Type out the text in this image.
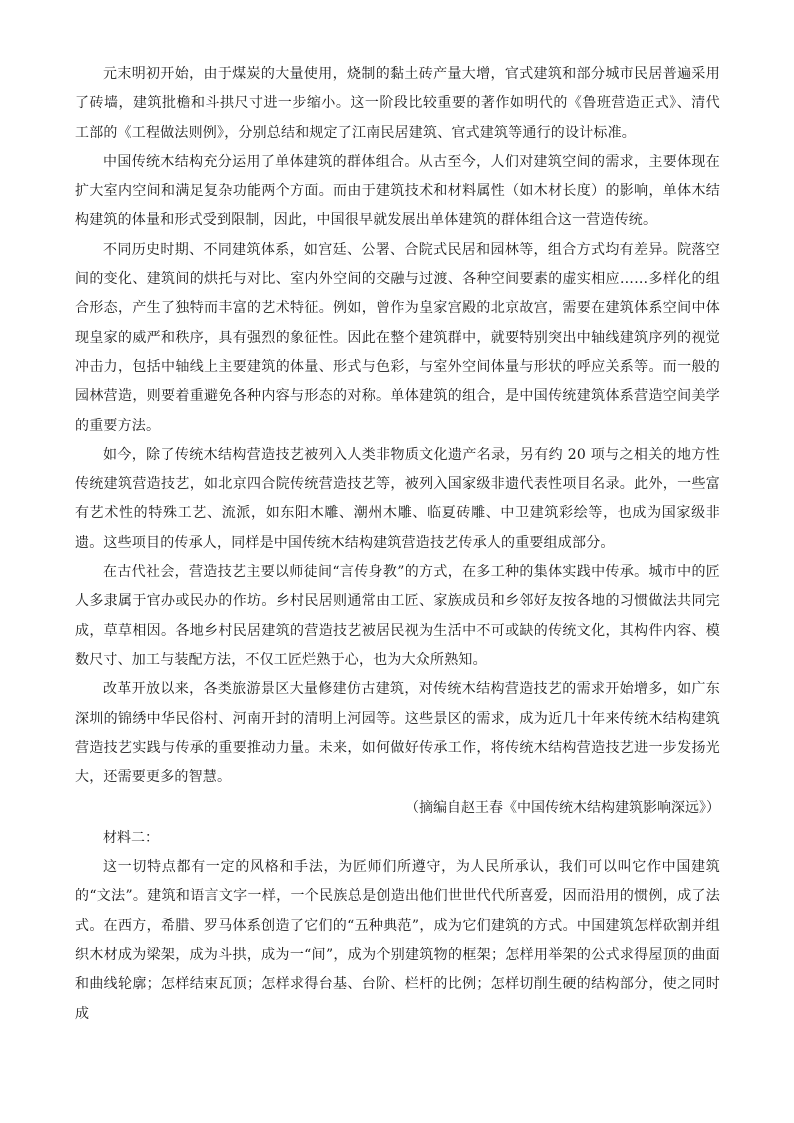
元末明初开始，由于煤炭的大量使用，烧制的黏土砖产量大增，官式建筑和部分城市民居普遍采用了砖墙，建筑批檐和斗拱尺寸进一步缩小。这一阶段比较重要的著作如明代的《鲁班营造正式》、清代工部的《工程做法则例》，分别总结和规定了江南民居建筑、官式建筑等通行的设计标准。

中国传统木结构充分运用了单体建筑的群体组合。从古至今，人们对建筑空间的需求，主要体现在扩大室内空间和满足复杂功能两个方面。而由于建筑技术和材料属性（如木材长度）的影响，单体木结构建筑的体量和形式受到限制，因此，中国很早就发展出单体建筑的群体组合这一营造传统。

不同历史时期、不同建筑体系，如宫廷、公署、合院式民居和园林等，组合方式均有差异。院落空间的变化、建筑间的烘托与对比、室内外空间的交融与过渡、各种空间要素的虚实相应……多样化的组合形态，产生了独特而丰富的艺术特征。例如，曾作为皇家宫殿的北京故宫，需要在建筑体系空间中体现皇家的威严和秩序，具有强烈的象征性。因此在整个建筑群中，就要特别突出中轴线建筑序列的视觉冲击力，包括中轴线上主要建筑的体量、形式与色彩，与室外空间体量与形状的呼应关系等。而一般的园林营造，则要着重避免各种内容与形态的对称。单体建筑的组合，是中国传统建筑体系营造空间美学的重要方法。

如今，除了传统木结构营造技艺被列入人类非物质文化遗产名录，另有约 20 项与之相关的地方性传统建筑营造技艺，如北京四合院传统营造技艺等，被列入国家级非遗代表性项目名录。此外，一些富有艺术性的特殊工艺、流派，如东阳木雕、潮州木雕、临夏砖雕、中卫建筑彩绘等，也成为国家级非遗。这些项目的传承人，同样是中国传统木结构建筑营造技艺传承人的重要组成部分。

在古代社会，营造技艺主要以师徒间“言传身教”的方式，在多工种的集体实践中传承。城市中的匠人多隶属于官办或民办的作坊。乡村民居则通常由工匠、家族成员和乡邻好友按各地的习惯做法共同完成，草草相因。各地乡村民居建筑的营造技艺被居民视为生活中不可或缺的传统文化，其构件内容、模数尺寸、加工与装配方法，不仅工匠烂熟于心，也为大众所熟知。

改革开放以来，各类旅游景区大量修建仿古建筑，对传统木结构营造技艺的需求开始增多，如广东深圳的锦绣中华民俗村、河南开封的清明上河园等。这些景区的需求，成为近几十年来传统木结构建筑营造技艺实践与传承的重要推动力量。未来，如何做好传承工作，将传统木结构营造技艺进一步发扬光大，还需要更多的智慧。

（摘编自赵王春《中国传统木结构建筑影响深远》）

材料二：

这一切特点都有一定的风格和手法，为匠师们所遵守，为人民所承认，我们可以叫它作中国建筑的“文法”。建筑和语言文字一样，一个民族总是创造出他们世世代代所喜爱，因而沿用的惯例，成了法式。在西方，希腊、罗马体系创造了它们的“五种典范”，成为它们建筑的方式。中国建筑怎样砍割并组织木材成为梁架，成为斗拱，成为一“间”，成为个别建筑物的框架；怎样用举架的公式求得屋顶的曲面和曲线轮廓；怎样结束瓦顶；怎样求得台基、台阶、栏杆的比例；怎样切削生硬的结构部分，使之同时成
